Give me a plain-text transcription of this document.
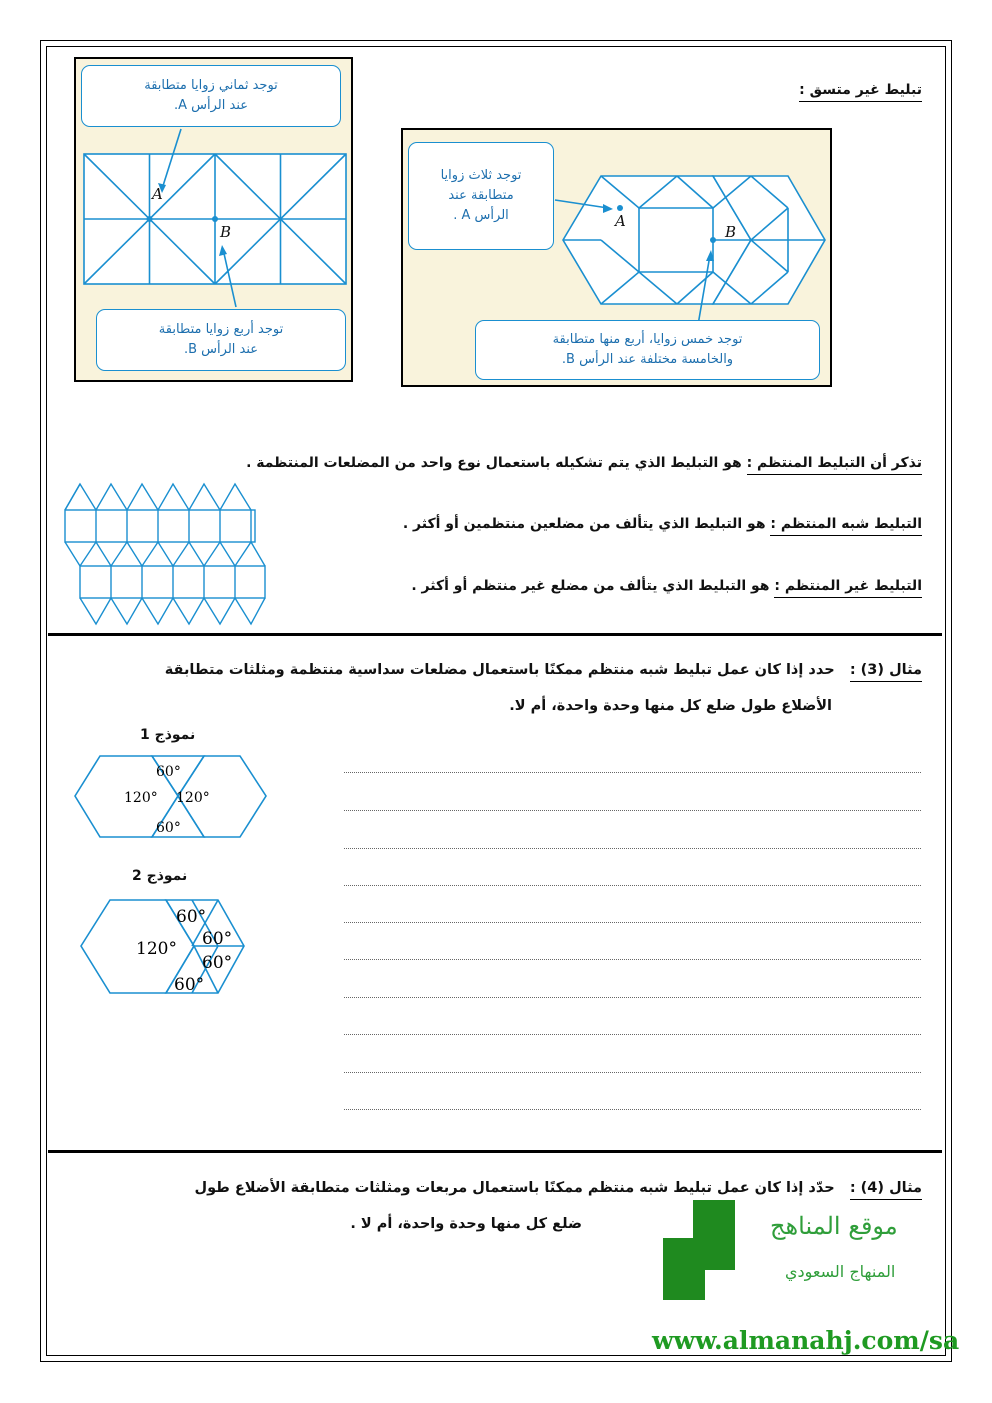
تبليط غير متسق :
A
B
توجد ثماني زوايا متطابقة
عند الرأس A.
توجد أربع زوايا متطابقة
عند الرأس B.
A
B
توجد ثلاث زوايا
متطابقة عند
الرأس A .
توجد خمس زوايا، أربع منها متطابقة
والخامسة مختلفة عند الرأس B.
تذكر أن التبليط المنتظم : هو التبليط الذي يتم تشكيله باستعمال نوع واحد من المضلعات المنتظمة .
التبليط شبه المنتظم : هو التبليط الذي يتألف من مضلعين منتظمين أو أكثر .
التبليط غير المنتظم : هو التبليط الذي يتألف من مضلع غير منتظم أو أكثر .
مثال (3) :   حدد إذا كان عمل تبليط شبه منتظم ممكنًا باستعمال مضلعات سداسية منتظمة ومثلثات متطابقة
الأضلاع طول ضلع كل منها وحدة واحدة، أم لا.
نموذج 1
60°
120° 120°
60°
نموذج 2
120°
60°
60°
60°
60°
مثال (4) :   حدّد إذا كان عمل تبليط شبه منتظم ممكنًا باستعمال مربعات ومثلثات متطابقة الأضلاع طول
ضلع كل منها وحدة واحدة، أم لا .	موقع المناهج
المنهاج السعودي
www.almanahj.com/sa
